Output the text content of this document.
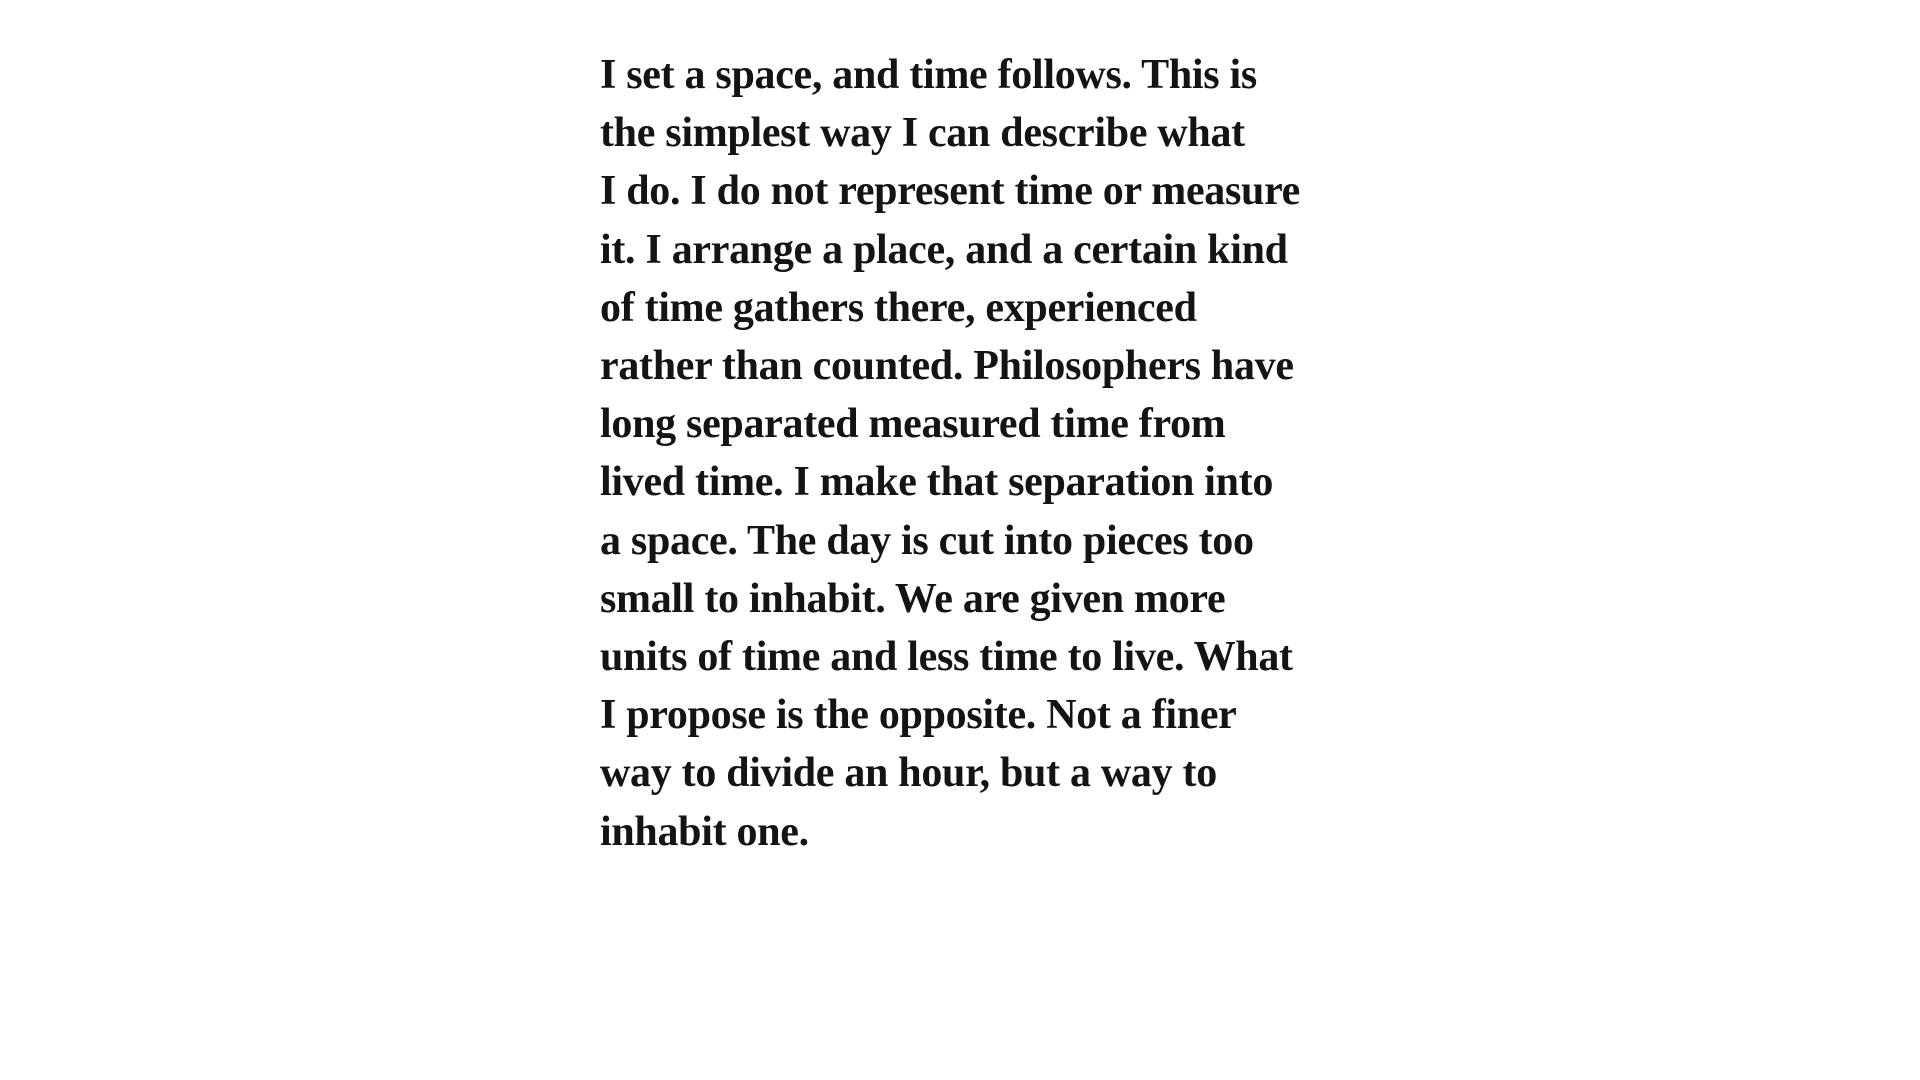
I set a space, and time follows. This is
the simplest way I can describe what
I do. I do not represent time or measure
it. I arrange a place, and a certain kind
of time gathers there, experienced
rather than counted. Philosophers have
long separated measured time from
lived time. I make that separation into
a space. The day is cut into pieces too
small to inhabit. We are given more
units of time and less time to live. What
I propose is the opposite. Not a finer
way to divide an hour, but a way to
inhabit one.
